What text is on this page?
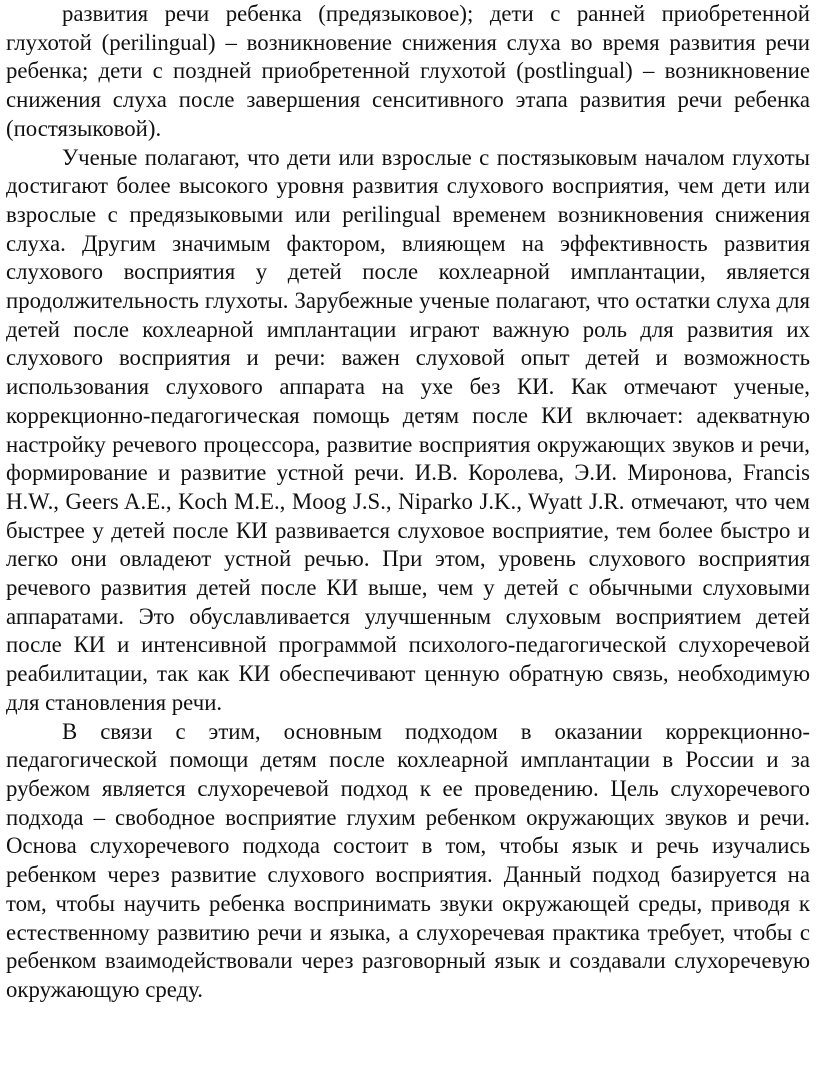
развития речи ребенка (предязыковое); дети с ранней приобретенной глухотой (perilingual) – возникновение снижения слуха во время развития речи ребенка; дети с поздней приобретенной глухотой (postlingual) – возникновение снижения слуха после завершения сенситивного этапа развития речи ребенка (постязыковой).

Ученые полагают, что дети или взрослые с постязыковым началом глухоты достигают более высокого уровня развития слухового восприятия, чем дети или взрослые с предязыковыми или perilingual временем возникновения снижения слуха. Другим значимым фактором, влияющем на эффективность развития слухового восприятия у детей после кохлеарной имплантации, является продолжительность глухоты. Зарубежные ученые полагают, что остатки слуха для детей после кохлеарной имплантации играют важную роль для развития их слухового восприятия и речи: важен слуховой опыт детей и возможность использования слухового аппарата на ухе без КИ. Как отмечают ученые, коррекционно-педагогическая помощь детям после КИ включает: адекватную настройку речевого процессора, развитие восприятия окружающих звуков и речи, формирование и развитие устной речи. И.В. Королева, Э.И. Миронова, Francis H.W., Geers A.E., Koch M.E., Moog J.S., Niparko J.K., Wyatt J.R. отмечают, что чем быстрее у детей после КИ развивается слуховое восприятие, тем более быстро и легко они овладеют устной речью. При этом, уровень слухового восприятия речевого развития детей после КИ выше, чем у детей с обычными слуховыми аппаратами. Это обуславливается улучшенным слуховым восприятием детей после КИ и интенсивной программой психолого-педагогической слухоречевой реабилитации, так как КИ обеспечивают ценную обратную связь, необходимую для становления речи.

В связи с этим, основным подходом в оказании коррекционно-педагогической помощи детям после кохлеарной имплантации в России и за рубежом является слухоречевой подход к ее проведению. Цель слухоречевого подхода – свободное восприятие глухим ребенком окружающих звуков и речи. Основа слухоречевого подхода состоит в том, чтобы язык и речь изучались ребенком через развитие слухового восприятия. Данный подход базируется на том, чтобы научить ребенка воспринимать звуки окружающей среды, приводя к естественному развитию речи и языка, а слухоречевая практика требует, чтобы с ребенком взаимодействовали через разговорный язык и создавали слухоречевую окружающую среду.
